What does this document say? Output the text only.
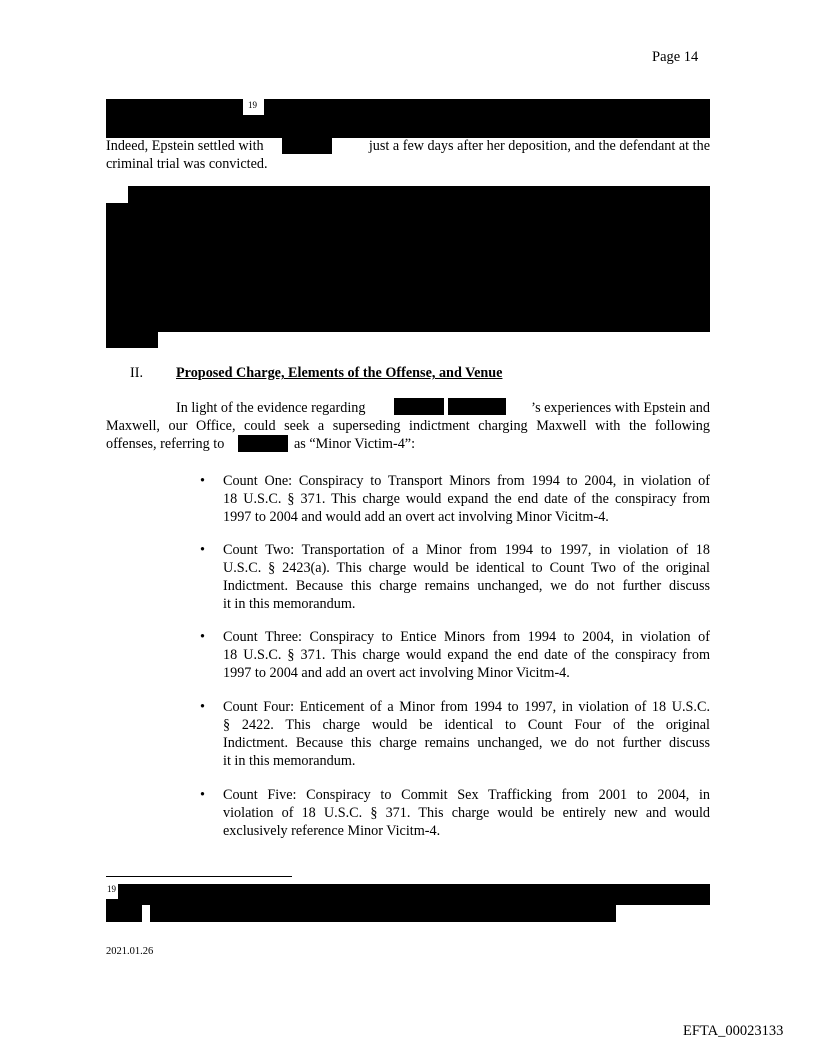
Page 14
19
Indeed, Epstein settled with	just a few days after her deposition, and the defendant at the
criminal trial was convicted.
II. Proposed Charge, Elements of the Offense, and Venue
In light of the evidence regarding	’s experiences with Epstein and
Maxwell, our Office, could seek a superseding indictment charging Maxwell with the following
offenses, referring to	as “Minor Victim-4”:
• Count One: Conspiracy to Transport Minors from 1994 to 2004, in violation of
18 U.S.C. § 371. This charge would expand the end date of the conspiracy from
1997 to 2004 and would add an overt act involving Minor Vicitm-4.
• Count Two: Transportation of a Minor from 1994 to 1997, in violation of 18
U.S.C. § 2423(a). This charge would be identical to Count Two of the original
Indictment. Because this charge remains unchanged, we do not further discuss
it in this memorandum.
• Count Three: Conspiracy to Entice Minors from 1994 to 2004, in violation of
18 U.S.C. § 371. This charge would expand the end date of the conspiracy from
1997 to 2004 and add an overt act involving Minor Vicitm-4.
• Count Four: Enticement of a Minor from 1994 to 1997, in violation of 18 U.S.C.
§ 2422. This charge would be identical to Count Four of the original
Indictment. Because this charge remains unchanged, we do not further discuss
it in this memorandum.
• Count Five: Conspiracy to Commit Sex Trafficking from 2001 to 2004, in
violation of 18 U.S.C. § 371. This charge would be entirely new and would
exclusively reference Minor Vicitm-4.
19
2021.01.26
EFTA_00023133
